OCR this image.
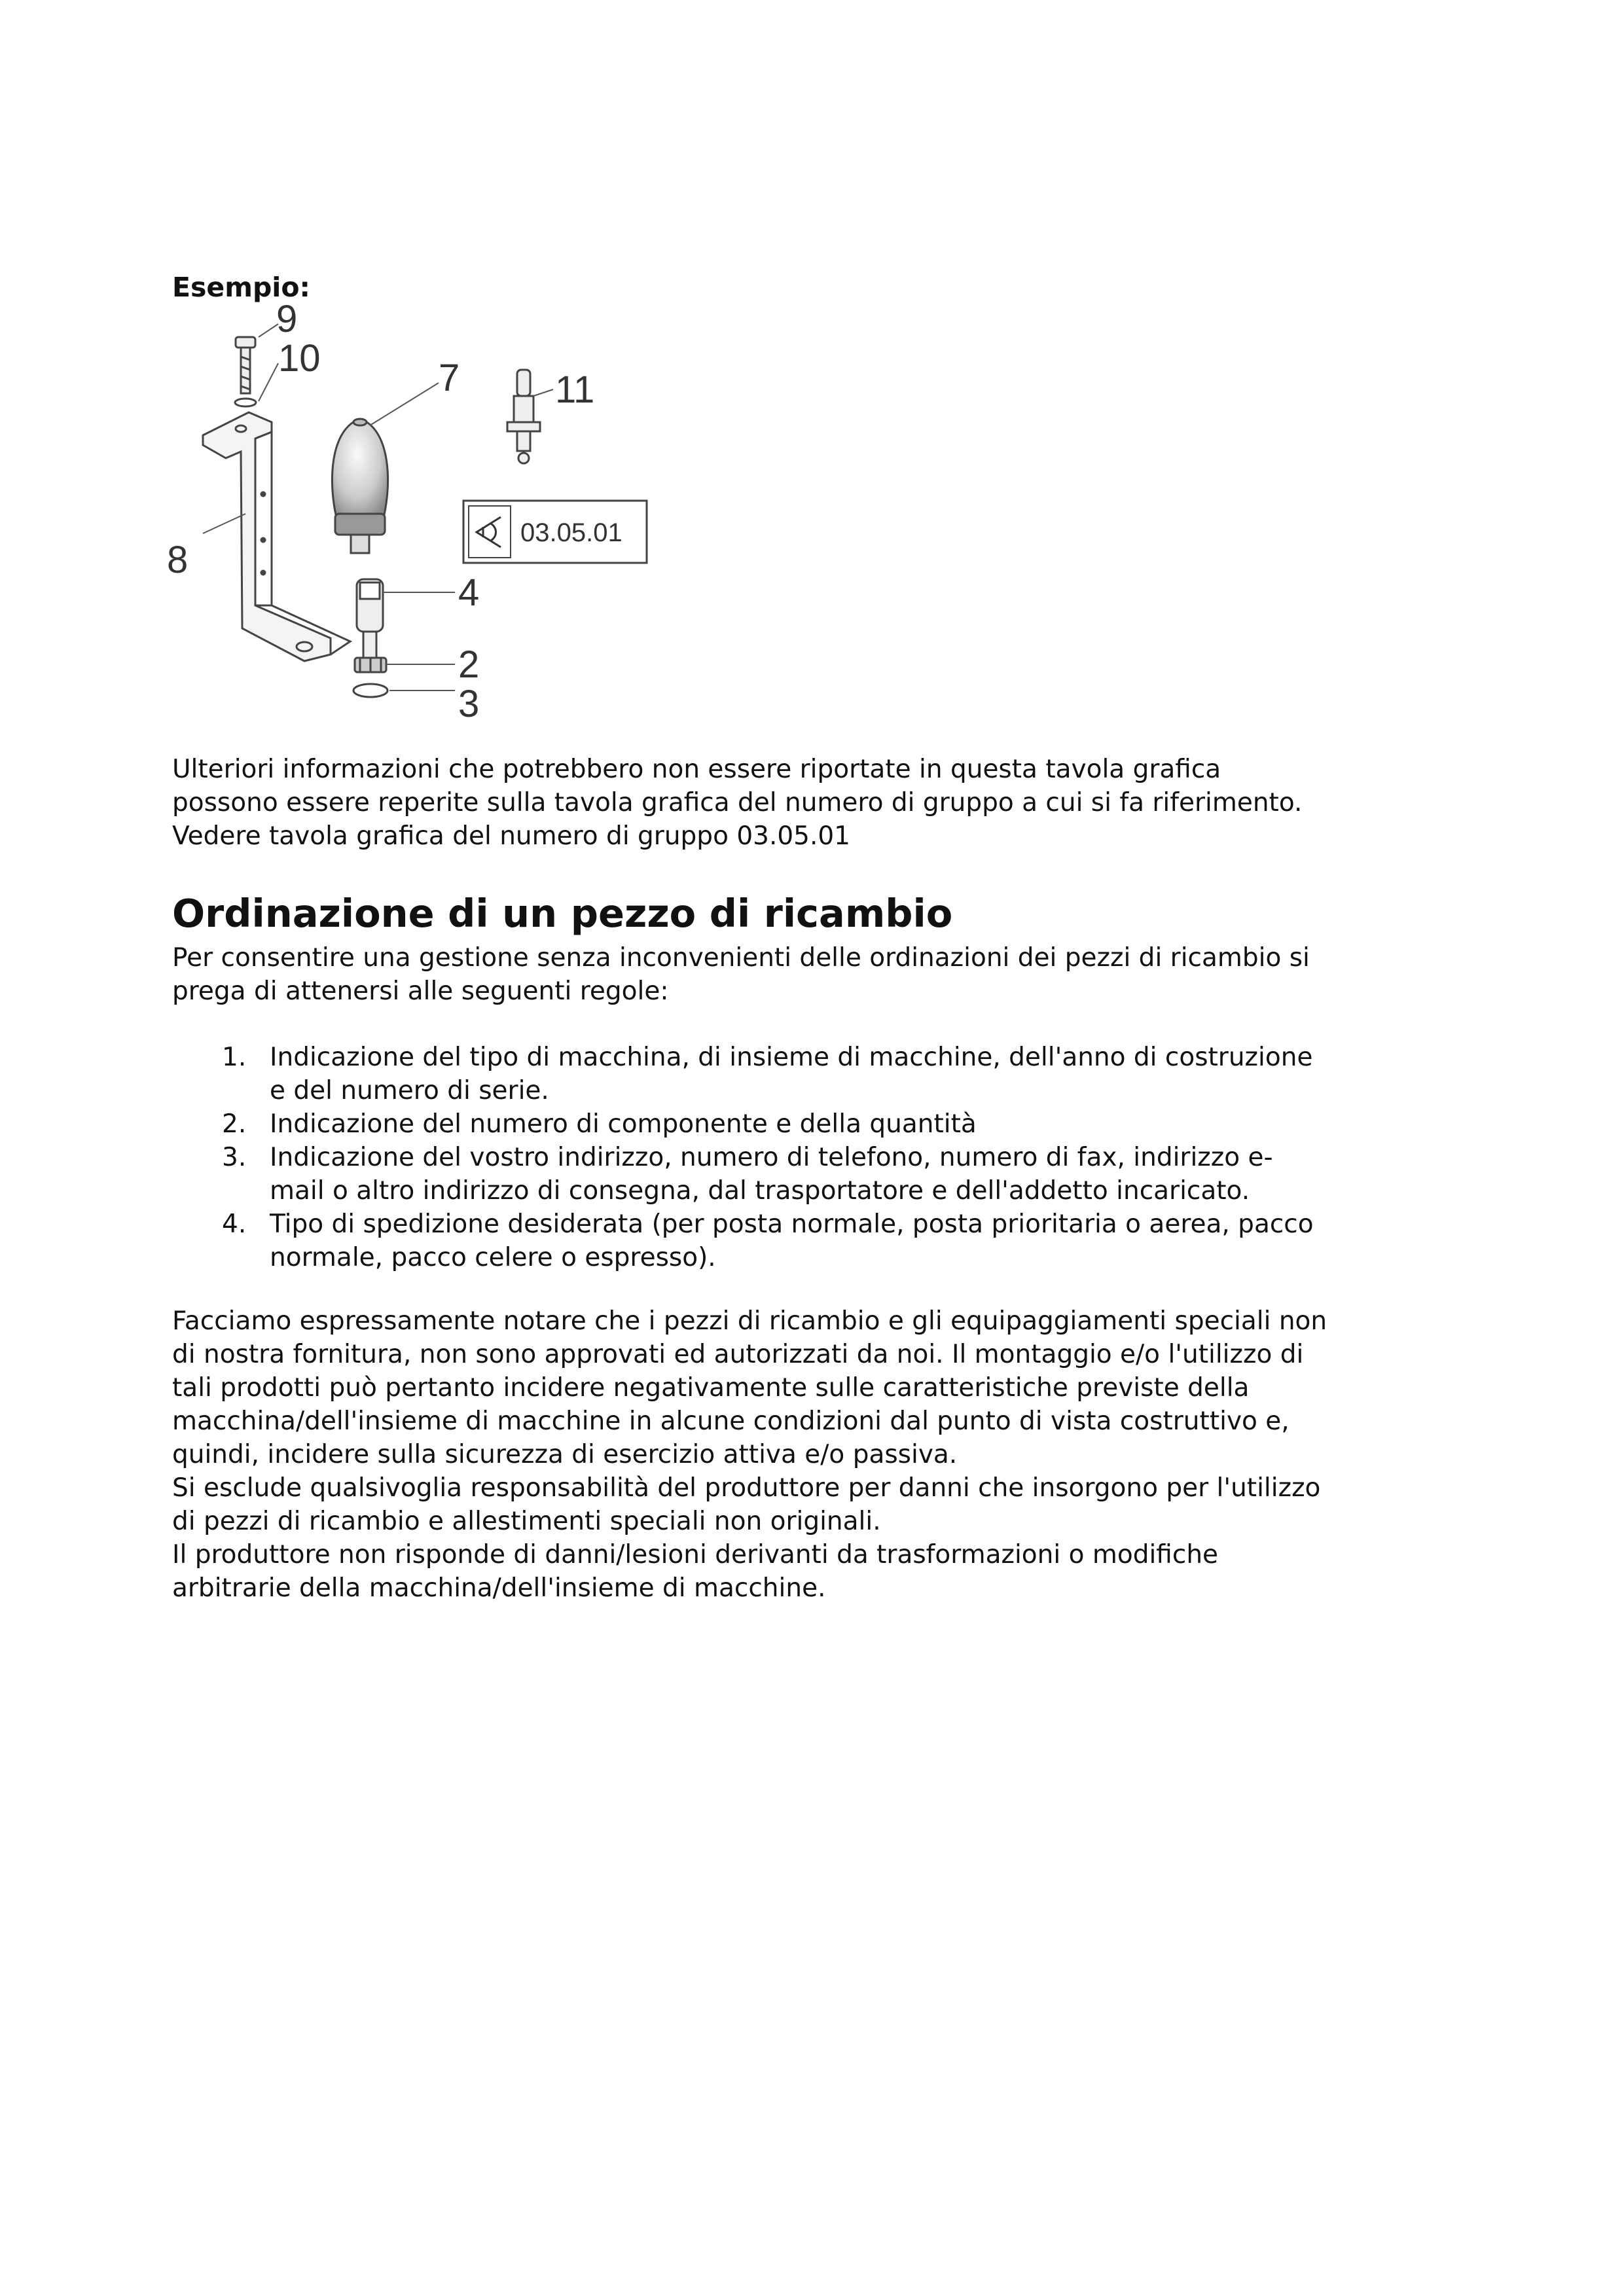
Esempio:
9
10	7	11
8
4
2
3
03.05.01

Ulteriori informazioni che potrebbero non essere riportate in questa tavola grafica
possono essere reperite sulla tavola grafica del numero di gruppo a cui si fa riferimento.
Vedere tavola grafica del numero di gruppo 03.05.01

Ordinazione di un pezzo di ricambio

Per consentire una gestione senza inconvenienti delle ordinazioni dei pezzi di ricambio si
prega di attenersi alle seguenti regole:

1. Indicazione del tipo di macchina, di insieme di macchine, dell'anno di costruzione
e del numero di serie.
2. Indicazione del numero di componente e della quantità
3. Indicazione del vostro indirizzo, numero di telefono, numero di fax, indirizzo e-
mail o altro indirizzo di consegna, dal trasportatore e dell'addetto incaricato.
4. Tipo di spedizione desiderata (per posta normale, posta prioritaria o aerea, pacco
normale, pacco celere o espresso).

Facciamo espressamente notare che i pezzi di ricambio e gli equipaggiamenti speciali non
di nostra fornitura, non sono approvati ed autorizzati da noi. Il montaggio e/o l'utilizzo di
tali prodotti può pertanto incidere negativamente sulle caratteristiche previste della
macchina/dell'insieme di macchine in alcune condizioni dal punto di vista costruttivo e,
quindi, incidere sulla sicurezza di esercizio attiva e/o passiva.
Si esclude qualsivoglia responsabilità del produttore per danni che insorgono per l'utilizzo
di pezzi di ricambio e allestimenti speciali non originali.
Il produttore non risponde di danni/lesioni derivanti da trasformazioni o modifiche
arbitrarie della macchina/dell'insieme di macchine.
